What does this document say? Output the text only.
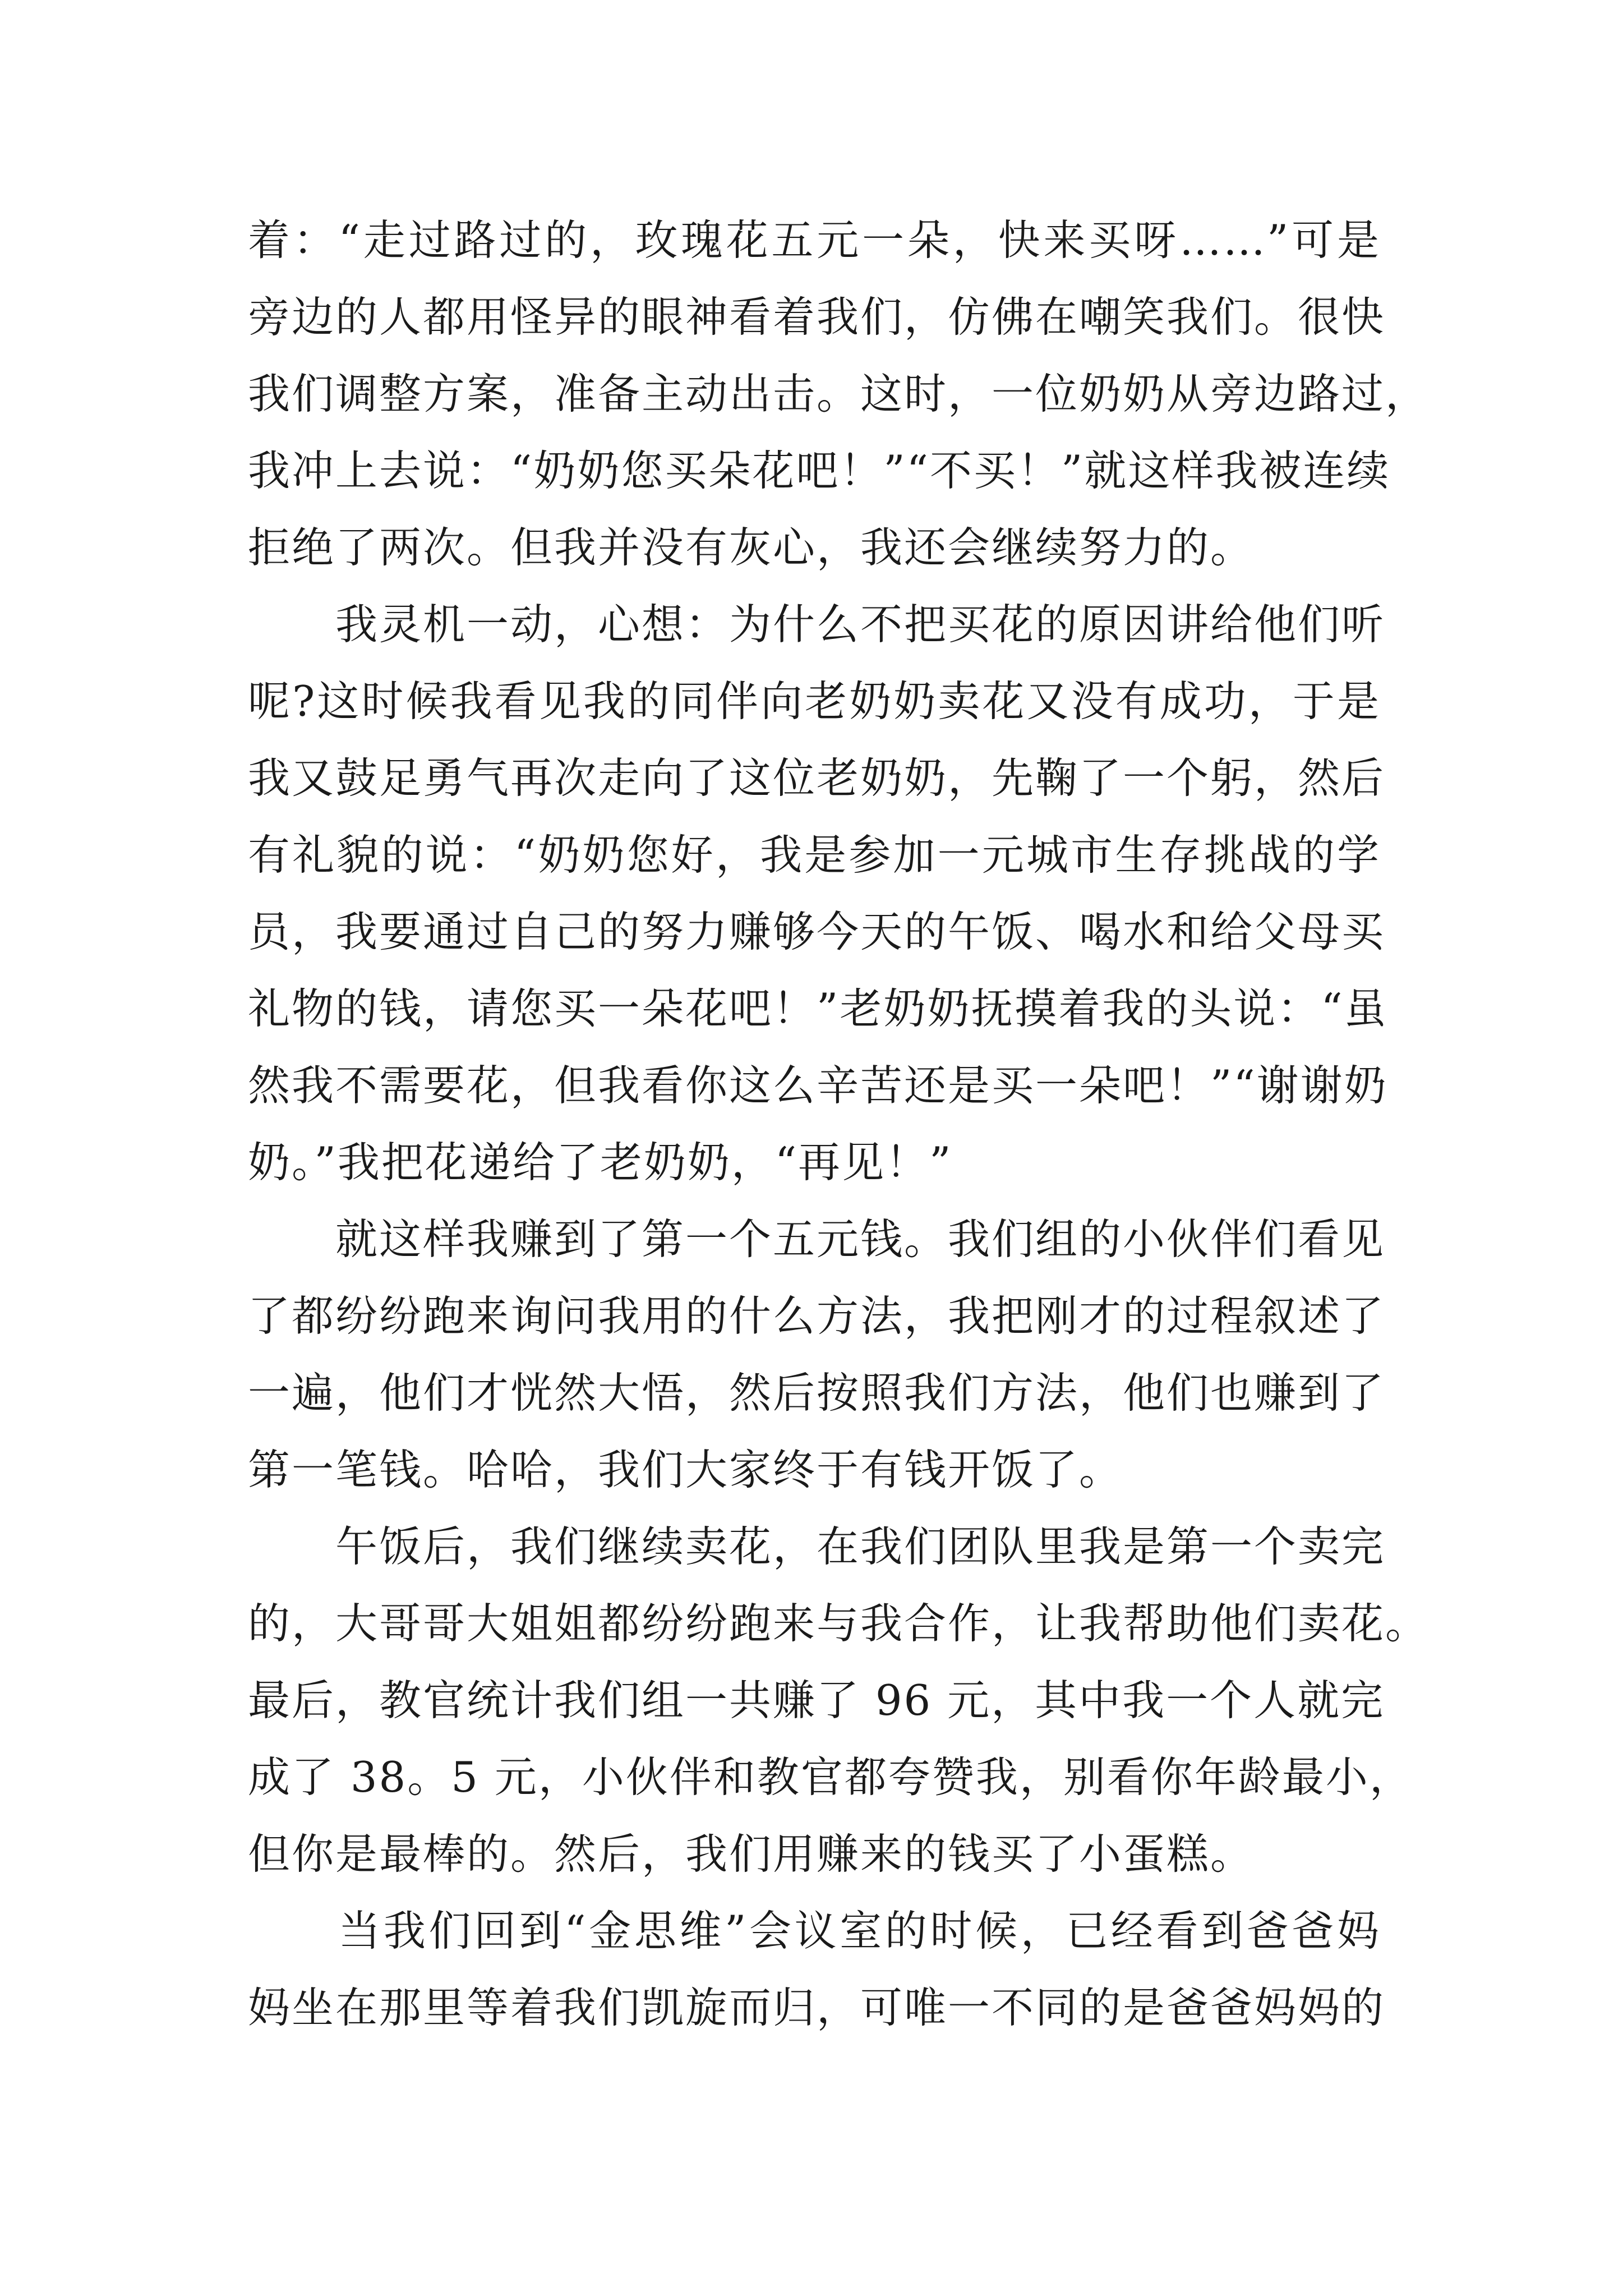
着：“走过路过的，玫瑰花五元一朵，快来买呀……”可是
旁边的人都用怪异的眼神看着我们，仿佛在嘲笑我们。很快
我们调整方案，准备主动出击。这时，一位奶奶从旁边路过，
我冲上去说：“奶奶您买朵花吧！”“不买！”就这样我被连续
拒绝了两次。但我并没有灰心，我还会继续努力的。
　　我灵机一动，心想：为什么不把买花的原因讲给他们听
呢?这时候我看见我的同伴向老奶奶卖花又没有成功，于是
我又鼓足勇气再次走向了这位老奶奶，先鞠了一个躬，然后
有礼貌的说：“奶奶您好，我是参加一元城市生存挑战的学
员，我要通过自己的努力赚够今天的午饭、喝水和给父母买
礼物的钱，请您买一朵花吧！”老奶奶抚摸着我的头说：“虽
然我不需要花，但我看你这么辛苦还是买一朵吧！”“谢谢奶
奶。”我把花递给了老奶奶，“再见！”
　　就这样我赚到了第一个五元钱。我们组的小伙伴们看见
了都纷纷跑来询问我用的什么方法，我把刚才的过程叙述了
一遍，他们才恍然大悟，然后按照我们方法，他们也赚到了
第一笔钱。哈哈，我们大家终于有钱开饭了。
　　午饭后，我们继续卖花，在我们团队里我是第一个卖完
的，大哥哥大姐姐都纷纷跑来与我合作，让我帮助他们卖花。
最后，教官统计我们组一共赚了 96 元，其中我一个人就完
成了 38。5 元，小伙伴和教官都夸赞我，别看你年龄最小，
但你是最棒的。然后，我们用赚来的钱买了小蛋糕。
　　当我们回到“金思维”会议室的时候，已经看到爸爸妈
妈坐在那里等着我们凯旋而归，可唯一不同的是爸爸妈妈的
